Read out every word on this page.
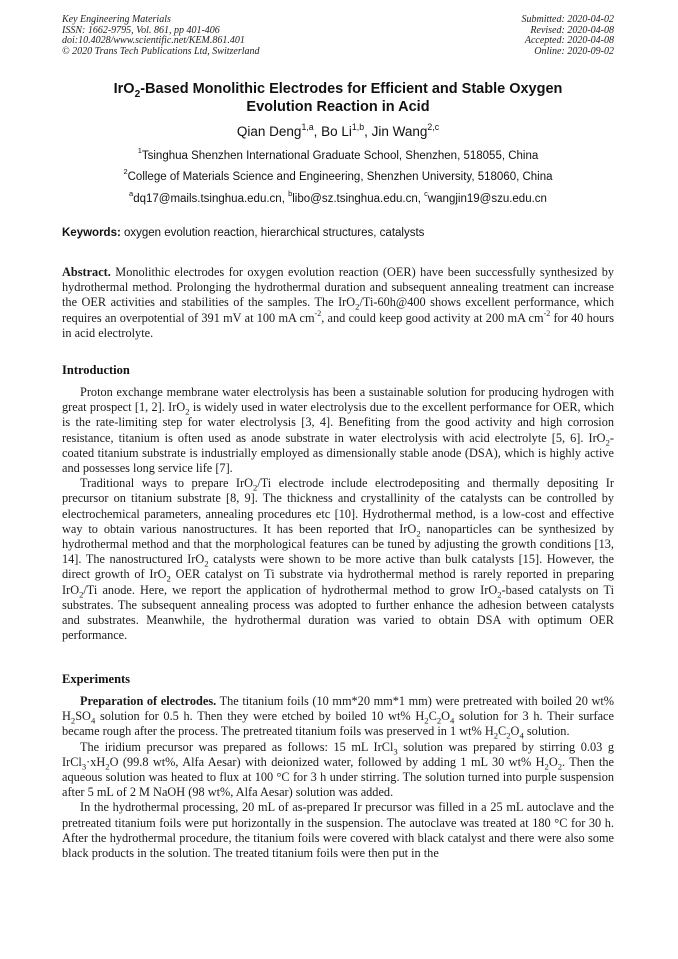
Key Engineering Materials
ISSN: 1662-9795, Vol. 861, pp 401-406
doi:10.4028/www.scientific.net/KEM.861.401
© 2020 Trans Tech Publications Ltd, Switzerland
Submitted: 2020-04-02
Revised: 2020-04-08
Accepted: 2020-04-08
Online: 2020-09-02
IrO$_2$-Based Monolithic Electrodes for Efficient and Stable Oxygen
Evolution Reaction in Acid
Qian Deng$^{1,a}$, Bo Li$^{1,b}$, Jin Wang$^{2,c}$
$^1$Tsinghua Shenzhen International Graduate School, Shenzhen, 518055, China
$^2$College of Materials Science and Engineering, Shenzhen University, 518060, China
$^a$dq17@mails.tsinghua.edu.cn, $^b$libo@sz.tsinghua.edu.cn, $^c$wangjin19@szu.edu.cn
Keywords: oxygen evolution reaction, hierarchical structures, catalysts
Abstract. Monolithic electrodes for oxygen evolution reaction (OER) have been successfully synthesized by hydrothermal method. Prolonging the hydrothermal duration and subsequent annealing treatment can increase the OER activities and stabilities of the samples. The IrO$_2$/Ti-60h@400 shows excellent performance, which requires an overpotential of 391 mV at 100 mA $cm^{-2}$, and could keep good activity at 200 mA $cm^{-2}$ for 40 hours in acid electrolyte.
Introduction

Proton exchange membrane water electrolysis has been a sustainable solution for producing hydrogen with great prospect [1, 2]. IrO$_2$ is widely used in water electrolysis due to the excellent performance for OER, which is the rate-limiting step for water electrolysis [3, 4]. Benefiting from the good activity and high corrosion resistance, titanium is often used as anode substrate in water electrolysis with acid electrolyte [5, 6]. IrO$_2$-coated titanium substrate is industrially employed as dimensionally stable anode (DSA), which is highly active and possesses long service life [7].

Traditional ways to prepare IrO$_2$/Ti electrode include electrodepositing and thermally depositing Ir precursor on titanium substrate [8, 9]. The thickness and crystallinity of the catalysts can be controlled by electrochemical parameters, annealing procedures etc [10]. Hydrothermal method, is a low-cost and effective way to obtain various nanostructures. It has been reported that IrO$_2$ nanoparticles can be synthesized by hydrothermal method and that the morphological features can be tuned by adjusting the growth conditions [13, 14]. The nanostructured IrO$_2$ catalysts were shown to be more active than bulk catalysts [15]. However, the direct growth of IrO$_2$ OER catalyst on Ti substrate via hydrothermal method is rarely reported in preparing IrO$_2$/Ti anode. Here, we report the application of hydrothermal method to grow IrO$_2$-based catalysts on Ti substrates. The subsequent annealing process was adopted to further enhance the adhesion between catalysts and substrates. Meanwhile, the hydrothermal duration was varied to obtain DSA with optimum OER performance.

Experiments

Preparation of electrodes. The titanium foils (10 mm*20 mm*1 mm) were pretreated with boiled 20 wt% $H_2SO_4$ solution for 0.5 h. Then they were etched by boiled 10 wt% $H_2C_2O_4$ solution for 3 h. Their surface became rough after the process. The pretreated titanium foils was preserved in 1 wt% $H_2C_2O_4$ solution.

The iridium precursor was prepared as follows: 15 mL IrCl$_3$ solution was prepared by stirring 0.03 g $IrCl_3\cdot xH_2O$ (99.8 wt%, Alfa Aesar) with deionized water, followed by adding 1 mL 30 wt% $H_2O_2$. Then the aqueous solution was heated to flux at 100 °C for 3 h under stirring. The solution turned into purple suspension after 5 mL of 2 M NaOH (98 wt%, Alfa Aesar) solution was added.

In the hydrothermal processing, 20 mL of as-prepared Ir precursor was filled in a 25 mL autoclave and the pretreated titanium foils were put horizontally in the suspension. The autoclave was treated at 180 °C for 30 h. After the hydrothermal procedure, the titanium foils were covered with black catalyst and there were also some black products in the solution. The treated titanium foils were then put in the
